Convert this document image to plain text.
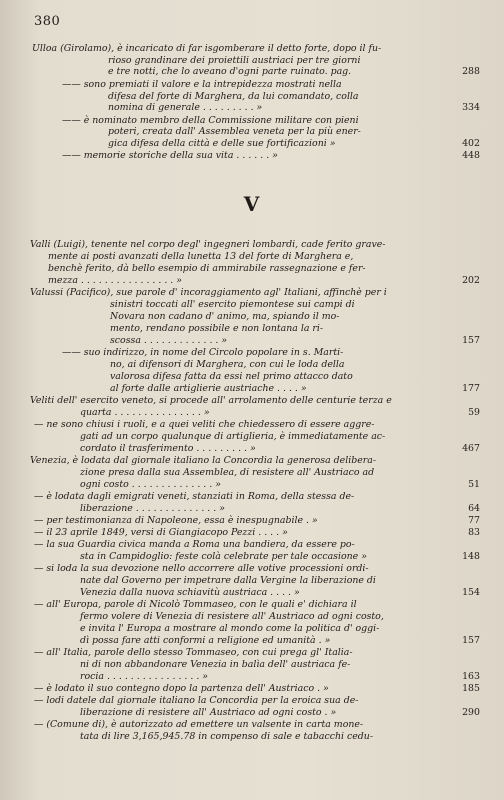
380
V
Ulloa (Girolamo), è incaricato di far isgomberare il detto forte, dopo il fu-
rioso grandinare dei proiettili austriaci per tre giorni
e tre notti, che lo aveano d'ogni parte ruinato. pag.	288
—— sono premiati il valore e la intrepidezza mostrati nella
difesa del forte di Marghera, da lui comandato, colla
nomina di generale . . . . . . . . . »	334
—— è nominato membro della Commissione militare con pieni
poteri, creata dall' Assemblea veneta per la più ener-
gica difesa della città e delle sue fortificazioni »	402
—— memorie storiche della sua vita . . . . . . »	448
Valli (Luigi), tenente nel corpo degl' ingegneri lombardi, cade ferito grave-
mente ai posti avanzati della lunetta 13 del forte di Marghera e,
benchè ferito, dà bello esempio di ammirabile rassegnazione e fer-
mezza . . . . . . . . . . . . . . . . »	202
Valussi (Pacifico), sue parole d' incoraggiamento agl' Italiani, affinchè per i
sinistri toccati all' esercito piemontese sui campi di
Novara non cadano d' animo, ma, spiando il mo-
mento, rendano possibile e non lontana la ri-
scossa . . . . . . . . . . . . . »	157
—— suo indirizzo, in nome del Circolo popolare in s. Marti-
no, ai difensori di Marghera, con cui le loda della
valorosa difesa fatta da essi nel primo attacco dato
al forte dalle artiglierie austriache . . . . »	177
Veliti dell' esercito veneto, si procede all' arrolamento delle centurie terza e
quarta . . . . . . . . . . . . . . . »	59
— ne sono chiusi i ruoli, e a quei veliti che chiedessero di essere aggre-
gati ad un corpo qualunque di artiglieria, è immediatamente ac-
cordato il trasferimento . . . . . . . . . »	467
Venezia, è lodata dal giornale italiano la Concordia la generosa delibera-
zione presa dalla sua Assemblea, di resistere all' Austriaco ad
ogni costo . . . . . . . . . . . . . . »	51
— è lodata dagli emigrati veneti, stanziati in Roma, della stessa de-
liberazione . . . . . . . . . . . . . . »	64
— per testimonianza di Napoleone, essa è inespugnabile . »	77
— il 23 aprile 1849, versi di Giangiacopo Pezzi . . . . »	83
— la sua Guardia civica manda a Roma una bandiera, da essere po-
sta in Campidoglio: feste colà celebrate per tale occasione »	148
— si loda la sua devozione nello accorrere alle votive processioni ordi-
nate dal Governo per impetrare dalla Vergine la liberazione di
Venezia dalla nuova schiavitù austriaca . . . . »	154
— all' Europa, parole di Nicolò Tommaseo, con le quali e' dichiara il
fermo volere di Venezia di resistere all' Austriaco ad ogni costo,
e invita l' Europa a mostrare al mondo come la politica d' oggi-
dì possa fare atti conformi a religione ed umanità . »	157
— all' Italia, parole dello stesso Tommaseo, con cui prega gl' Italia-
ni di non abbandonare Venezia in balìa dell' austriaca fe-
rocia . . . . . . . . . . . . . . . . »	163
— è lodato il suo contegno dopo la partenza dell' Austriaco . »	185
— lodi datele dal giornale italiano la Concordia per la eroica sua de-
liberazione di resistere all' Austriaco ad ogni costo . »	290
— (Comune di), è autorizzato ad emettere un valsente in carta mone-
tata di lire 3,165,945.78 in compenso di sale e tabacchi cedu-
